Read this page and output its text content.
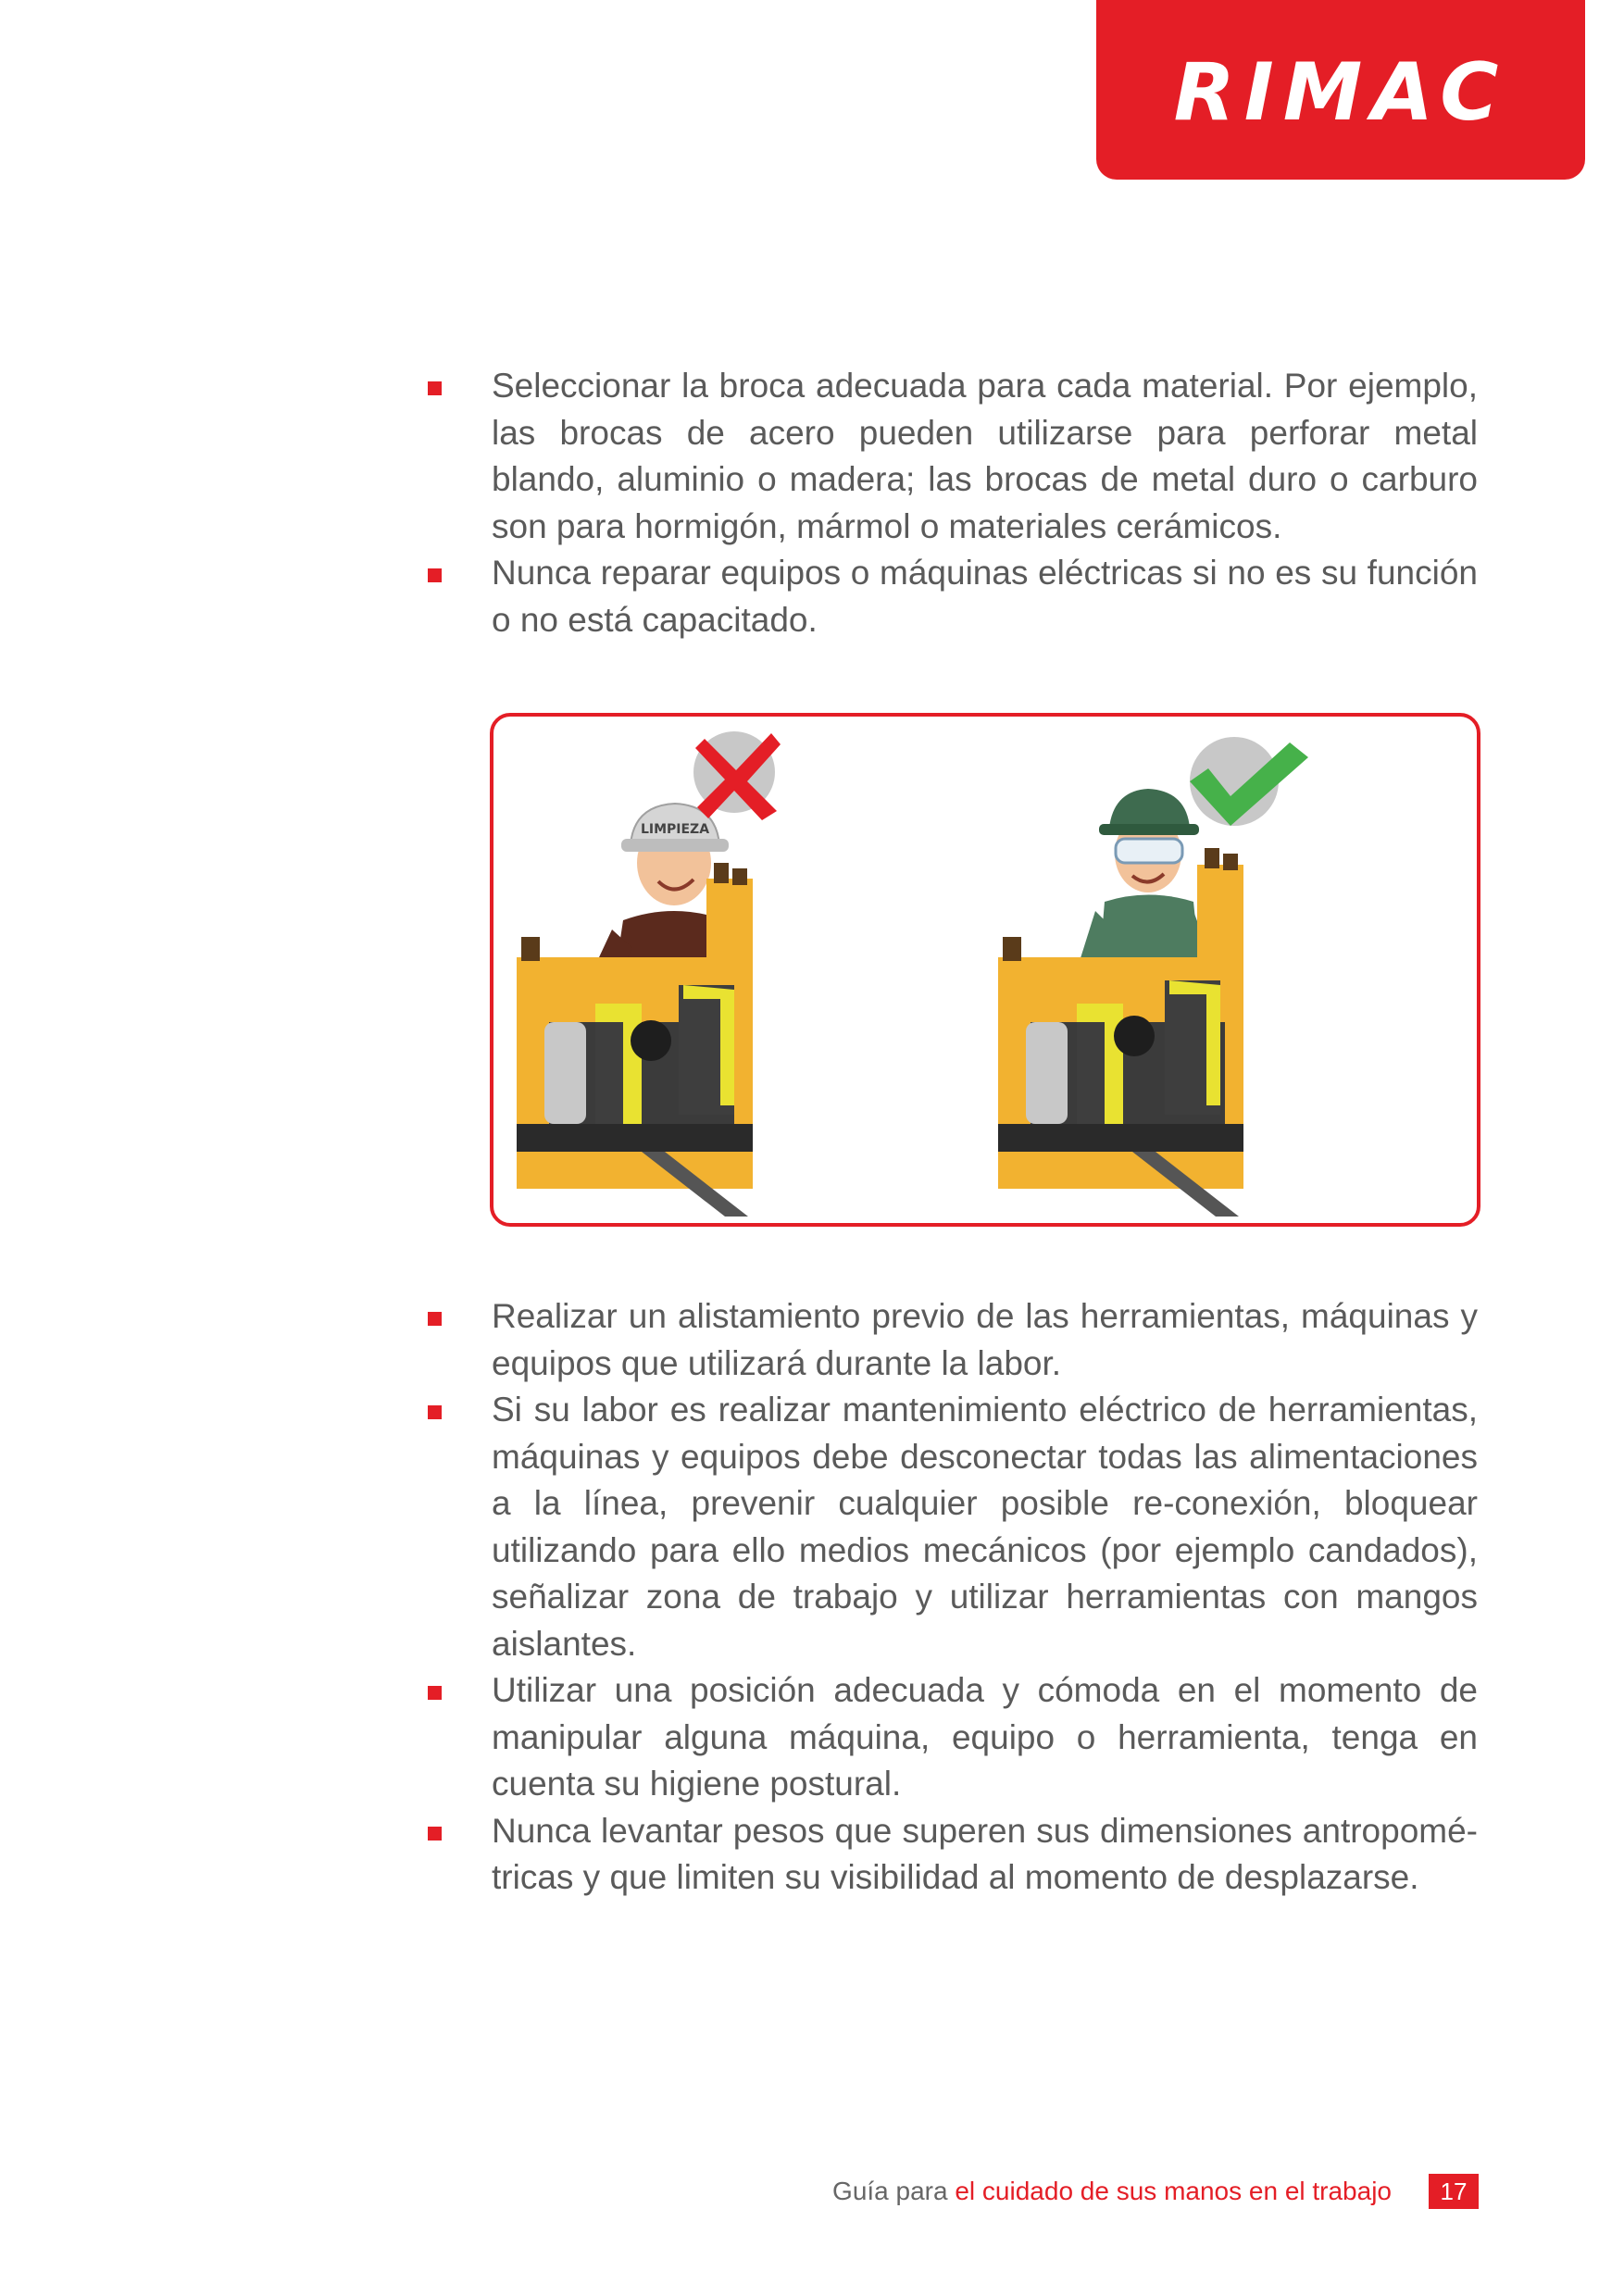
RIMAC
Seleccionar la broca adecuada para cada material. Por ejemplo, las brocas de acero pueden utilizarse para perforar metal blando, aluminio o madera; las brocas de metal duro o carburo son para hormigón, mármol o materiales cerámicos.
Nunca reparar equipos o máquinas eléctricas si no es su función o no está capacitado.
LIMPIEZA
Realizar un alistamiento previo de las herramientas, máquinas y equipos que utilizará durante la labor.
Si su labor es realizar mantenimiento eléctrico de herramientas, máquinas y equipos debe desconectar todas las alimentaciones a la línea, prevenir cualquier posible re-conexión, bloquear utilizando para ello medios mecánicos (por ejemplo candados), señalizar zona de trabajo y utilizar herramientas con mangos aislantes.
Utilizar una posición adecuada y cómoda en el momento de manipular alguna máquina, equipo o herramienta, tenga en cuenta su higiene postural.
Nunca levantar pesos que superen sus dimensiones antropomé-tricas y que limiten su visibilidad al momento de desplazarse.
Guía para el cuidado de sus manos en el trabajo	17
